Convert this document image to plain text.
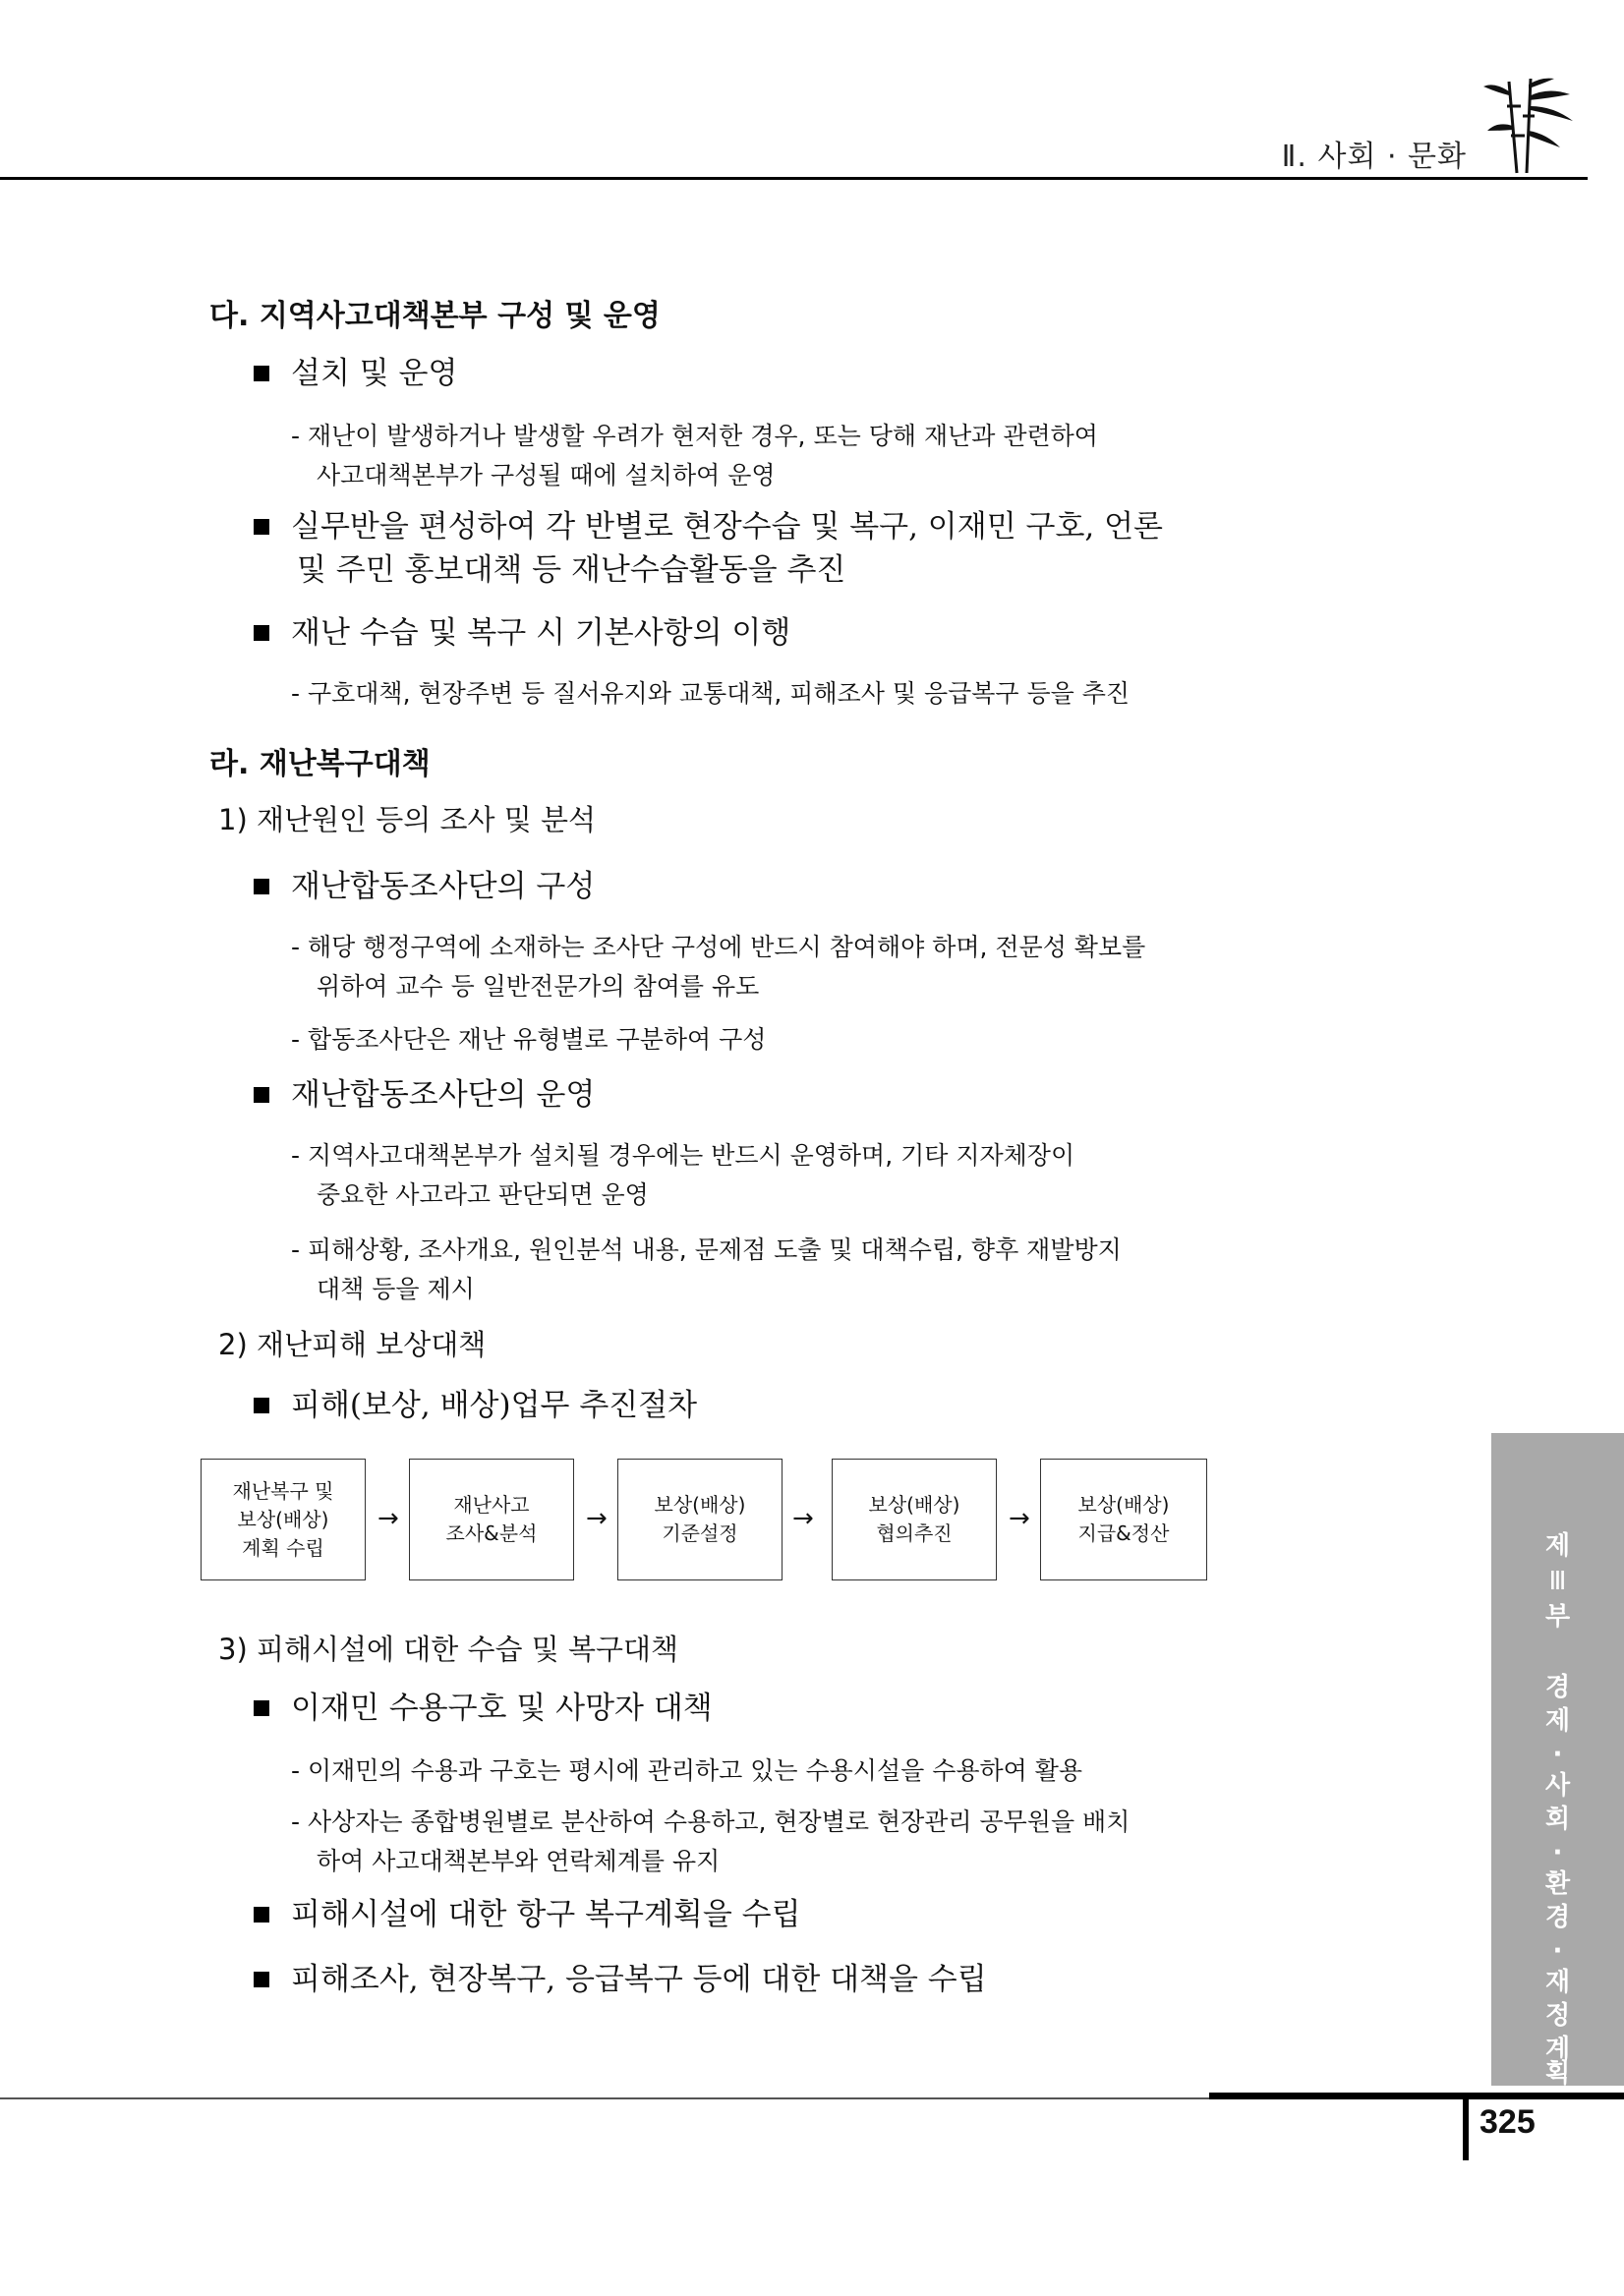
Ⅱ. 사회 · 문화
다. 지역사고대책본부 구성 및 운영
설치 및 운영
- 재난이 발생하거나 발생할 우려가 현저한 경우, 또는 당해 재난과 관련하여
사고대책본부가 구성될 때에 설치하여 운영
실무반을 편성하여 각 반별로 현장수습 및 복구, 이재민 구호, 언론
및 주민 홍보대책 등 재난수습활동을 추진
재난 수습 및 복구 시 기본사항의 이행
- 구호대책, 현장주변 등 질서유지와 교통대책, 피해조사 및 응급복구 등을 추진
라. 재난복구대책
1) 재난원인 등의 조사 및 분석
재난합동조사단의 구성
- 해당 행정구역에 소재하는 조사단 구성에 반드시 참여해야 하며, 전문성 확보를
위하여 교수 등 일반전문가의 참여를 유도
- 합동조사단은 재난 유형별로 구분하여 구성
재난합동조사단의 운영
- 지역사고대책본부가 설치될 경우에는 반드시 운영하며, 기타 지자체장이
중요한 사고라고 판단되면 운영
- 피해상황, 조사개요, 원인분석 내용, 문제점 도출 및 대책수립, 향후 재발방지
대책 등을 제시
2) 재난피해 보상대책
피해(보상, 배상)업무 추진절차
재난복구 및
보상(배상)
계획 수립
→	재난사고
조사&분석 → 보상(배상)
기준설정	→	보상(배상)
협의추진	→ 보상(배상)
지급&정산
3) 피해시설에 대한 수습 및 복구대책
이재민 수용구호 및 사망자 대책
- 이재민의 수용과 구호는 평시에 관리하고 있는 수용시설을 수용하여 활용
- 사상자는 종합병원별로 분산하여 수용하고, 현장별로 현장관리 공무원을 배치
하여 사고대책본부와 연락체계를 유지
피해시설에 대한 항구 복구계획을 수립
피해조사, 현장복구, 응급복구 등에 대한 대책을 수립
제
Ⅲ
부
경
제
·
사
회
·
환
경
·
재
정
계
획
325
